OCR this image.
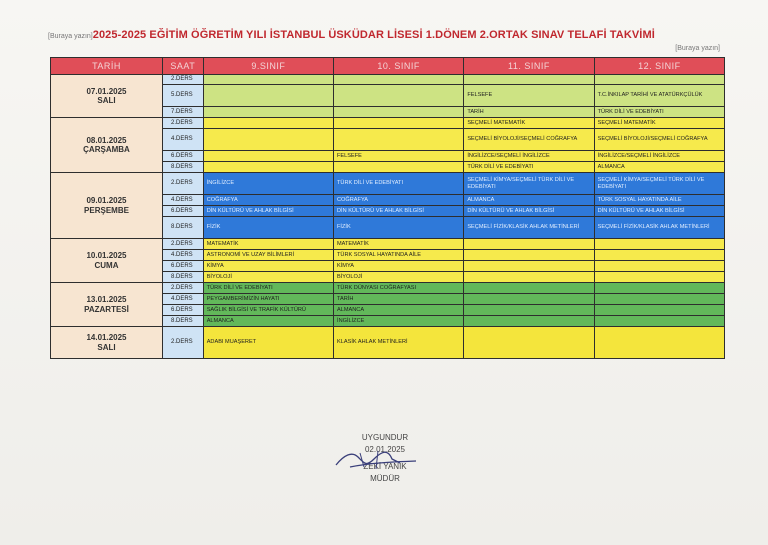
[Buraya yazın]2025-2025 EĞİTİM ÖĞRETİM YILI İSTANBUL ÜSKÜDAR LİSESİ 1.DÖNEM 2.ORTAK SINAV TELAFİ TAKVİMİ
[Buraya yazın]
TARİH	SAAT	9.SINIF	10. SINIF	11. SINIF	12. SINIF

07.01.2025
SALI	2.DERS				
	5.DERS			FELSEFE	T.C.İNKILAP TARİHİ VE ATATÜRKÇÜLÜK
	7.DERS			TARİH	TÜRK DİLİ VE EDEBİYATI

08.01.2025
ÇARŞAMBA	2.DERS			SEÇMELİ MATEMATİK	SEÇMELİ MATEMATİK
	4.DERS			SEÇMELİ BİYOLOJİ/SEÇMELİ COĞRAFYA	SEÇMELİ BİYOLOJİ/SEÇMELİ COĞRAFYA
	6.DERS		FELSEFE	İNGİLİZCE/SEÇMELİ İNGİLİZCE	İNGİLİZCE/SEÇMELİ İNGİLİZCE
	8.DERS			TÜRK DİLİ VE EDEBİYATI	ALMANCA

09.01.2025
PERŞEMBE	2.DERS	İNGİLİZCE	TÜRK DİLİ VE EDEBİYATI	SEÇMELİ KİMYA/SEÇMELİ TÜRK DİLİ VE EDEBİYATI	SEÇMELİ KİMYA/SEÇMELİ TÜRK DİLİ VE EDEBİYATI
	4.DERS	COĞRAFYA	COĞRAFYA	ALMANCA	TÜRK SOSYAL HAYATINDA AİLE
	6.DERS	DİN KÜLTÜRÜ VE AHLAK BİLGİSİ	DİN KÜLTÜRÜ VE AHLAK BİLGİSİ	DİN KÜLTÜRÜ VE AHLAK BİLGİSİ	DİN KÜLTÜRÜ VE AHLAK BİLGİSİ
	8.DERS	FİZİK	FİZİK	SEÇMELİ FİZİK/KLASİK AHLAK METİNLERİ	SEÇMELİ FİZİK/KLASİK AHLAK METİNLERİ

10.01.2025
CUMA	2.DERS	MATEMATİK	MATEMATİK		
	4.DERS	ASTRONOMİ VE UZAY BİLİMLERİ	TÜRK SOSYAL HAYATINDA AİLE		
	6.DERS	KİMYA	KİMYA		
	8.DERS	BİYOLOJİ	BİYOLOJİ		

13.01.2025
PAZARTESİ	2.DERS	TÜRK DİLİ VE EDEBİYATI	TÜRK DÜNYASI COĞRAFYASI		
	4.DERS	PEYGAMBERİMİZİN HAYATI	TARİH		
	6.DERS	SAĞLIK BİLGİSİ VE TRAFİK KÜLTÜRÜ	ALMANCA		
	8.DERS	ALMANCA	İNGİLİZCE		

14.01.2025
SALI	2.DERS	ADABI MUAŞERET	KLASİK AHLAK METİNLERİ		
UYGUNDUR
02.01.2025
ZEKİ YANIK
MÜDÜR
